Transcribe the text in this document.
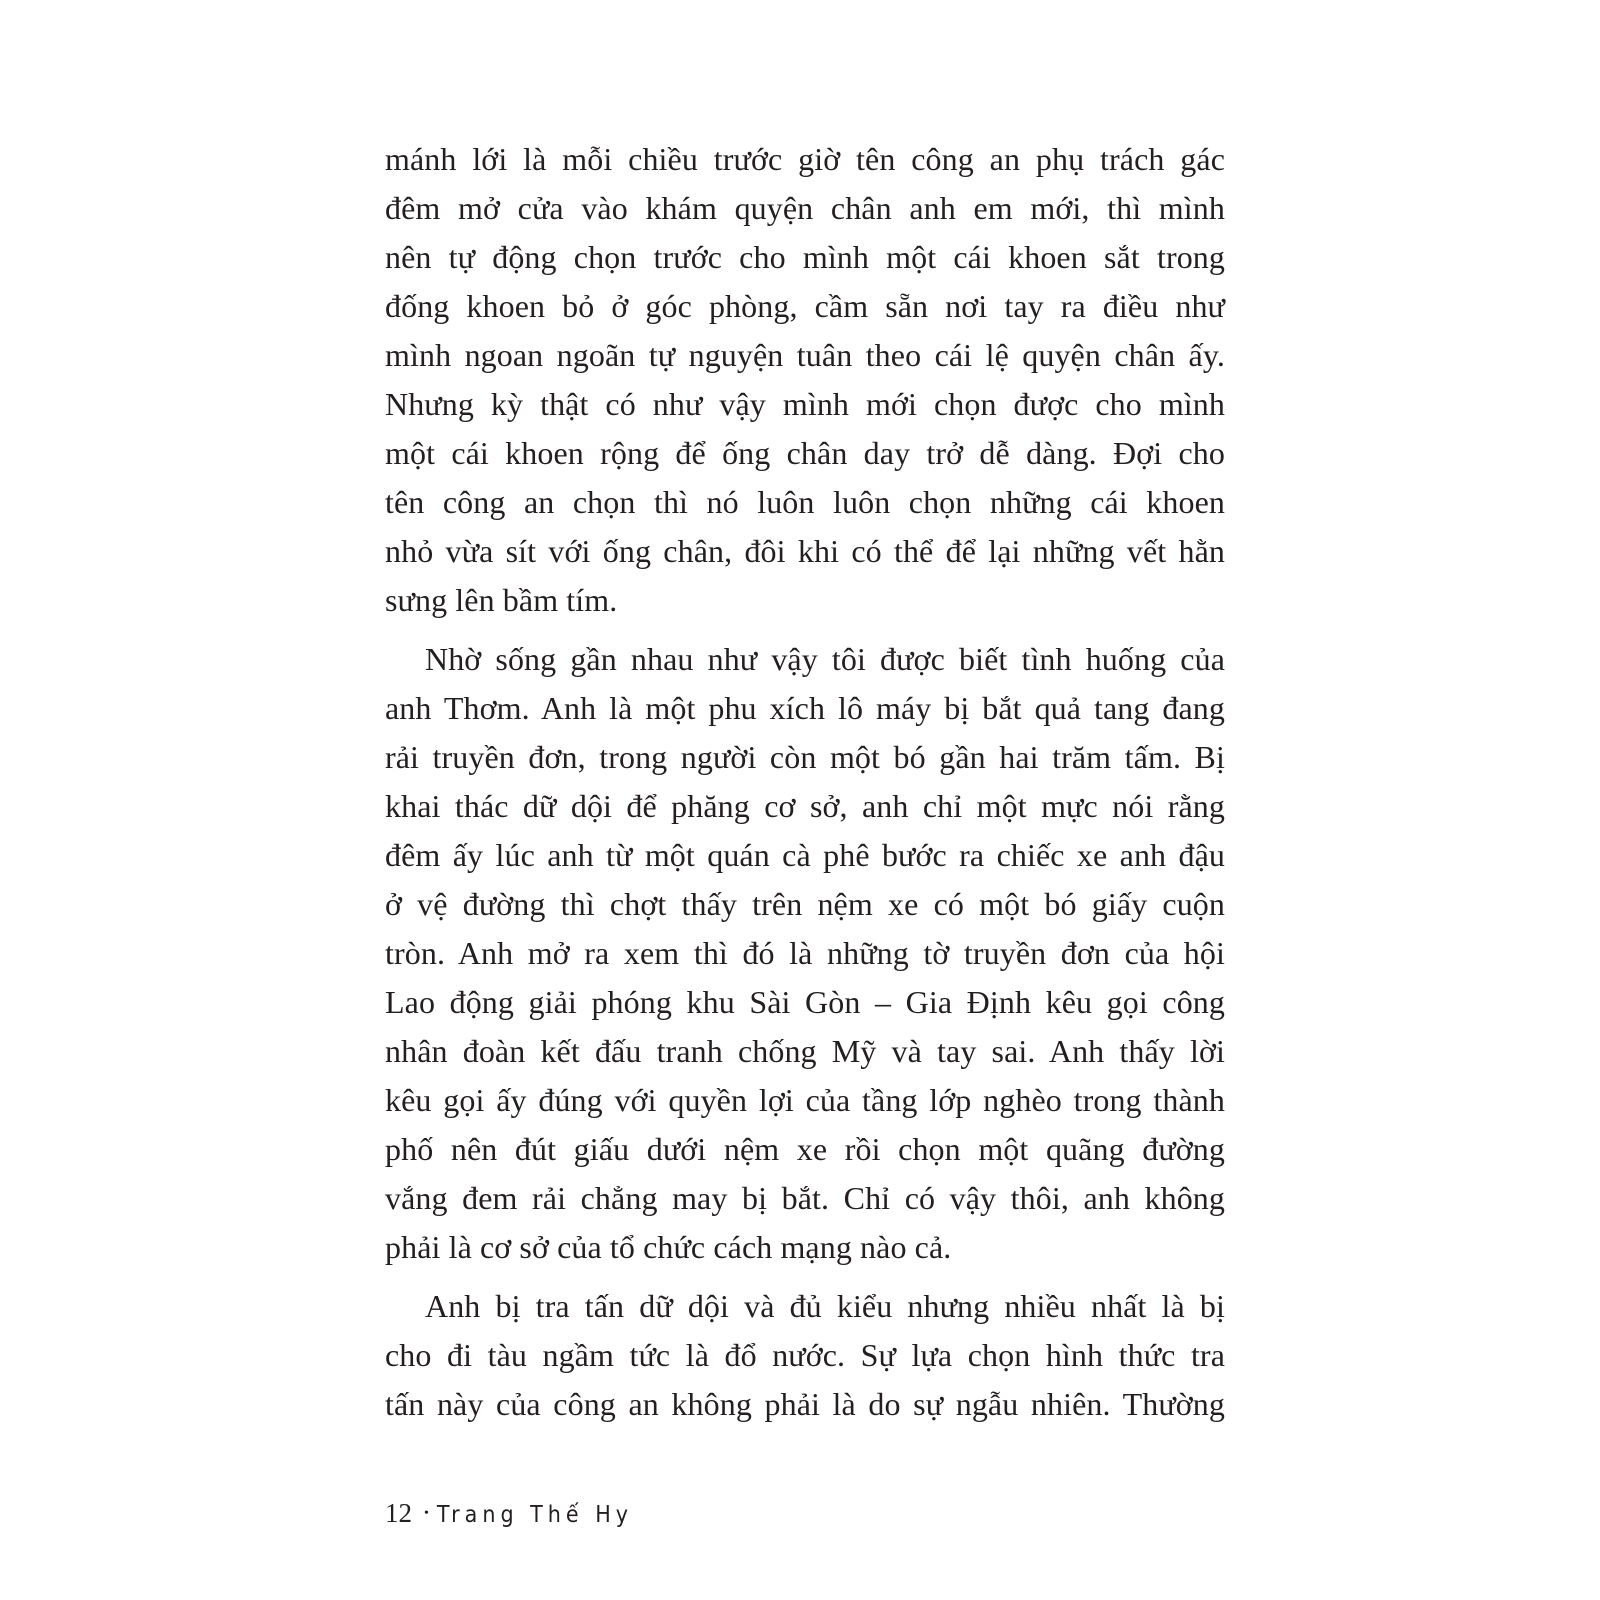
mánh lới là mỗi chiều trước giờ tên công an phụ trách gác
đêm mở cửa vào khám quyện chân anh em mới, thì mình
nên tự động chọn trước cho mình một cái khoen sắt trong
đống khoen bỏ ở góc phòng, cầm sẵn nơi tay ra điều như
mình ngoan ngoãn tự nguyện tuân theo cái lệ quyện chân ấy.
Nhưng kỳ thật có như vậy mình mới chọn được cho mình
một cái khoen rộng để ống chân day trở dễ dàng. Đợi cho
tên công an chọn thì nó luôn luôn chọn những cái khoen
nhỏ vừa sít với ống chân, đôi khi có thể để lại những vết hằn
sưng lên bầm tím.
Nhờ sống gần nhau như vậy tôi được biết tình huống của
anh Thơm. Anh là một phu xích lô máy bị bắt quả tang đang
rải truyền đơn, trong người còn một bó gần hai trăm tấm. Bị
khai thác dữ dội để phăng cơ sở, anh chỉ một mực nói rằng
đêm ấy lúc anh từ một quán cà phê bước ra chiếc xe anh đậu
ở vệ đường thì chợt thấy trên nệm xe có một bó giấy cuộn
tròn. Anh mở ra xem thì đó là những tờ truyền đơn của hội
Lao động giải phóng khu Sài Gòn – Gia Định kêu gọi công
nhân đoàn kết đấu tranh chống Mỹ và tay sai. Anh thấy lời
kêu gọi ấy đúng với quyền lợi của tầng lớp nghèo trong thành
phố nên đút giấu dưới nệm xe rồi chọn một quãng đường
vắng đem rải chẳng may bị bắt. Chỉ có vậy thôi, anh không
phải là cơ sở của tổ chức cách mạng nào cả.
Anh bị tra tấn dữ dội và đủ kiểu nhưng nhiều nhất là bị
cho đi tàu ngầm tức là đổ nước. Sự lựa chọn hình thức tra
tấn này của công an không phải là do sự ngẫu nhiên. Thường
12 • Trang Thế Hy
